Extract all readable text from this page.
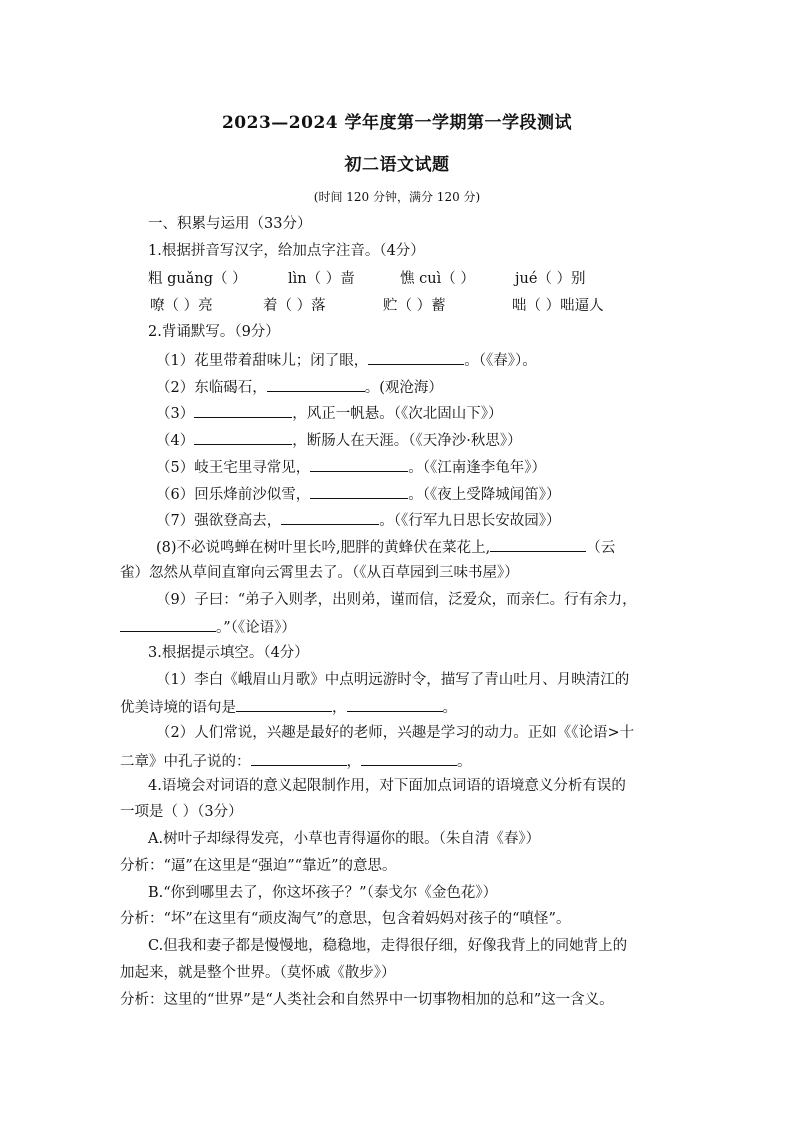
2023—2024 学年度第一学期第一学段测试
初二语文试题
(时间 120 分钟，满分 120 分)
一、积累与运用（33分）
1.根据拼音写汉字，给加点字注音。（4分）
粗 guǎng（ ）	lìn（ ）啬	憔 cuì（ ）	jué（ ）别
嘹（ ）亮	着（ ）落	贮（ ）蓄	咄（ ）咄逼人
2.背诵默写。（9分）
（1）花里带着甜味儿；闭了眼，	。（《春》）。
（2）东临碣石，	。(观沧海）
（3）	，风正一帆悬。（《次北固山下》）
（4）	，断肠人在天涯。（《天净沙·秋思》）
（5）岐王宅里寻常见，	。（《江南逢李龟年》）
（6）回乐烽前沙似雪，	。（《夜上受降城闻笛》）
（7）强欲登高去，	。（《行军九日思长安故园》）
(8)不必说鸣蝉在树叶里长吟,肥胖的黄蜂伏在菜花上,	（云
雀）忽然从草间直窜向云霄里去了。（《从百草园到三味书屋》）
（9）子曰：“弟子入则孝，出则弟，谨而信，泛爱众，而亲仁。行有余力，
。”（《论语》）
3.根据提示填空。（4分）
（1）李白《峨眉山月歌》中点明远游时令，描写了青山吐月、月映清江的
优美诗境的语句是	，	。
（2）人们常说，兴趣是最好的老师，兴趣是学习的动力。正如《《论语>十
二章》中孔子说的：	，	。
4.语境会对词语的意义起限制作用，对下面加点词语的语境意义分析有误的
一项是（ ）（3分）
A.树叶子却绿得发亮，小草也青得逼你的眼。（朱自清《春》）
分析：“逼”在这里是“强迫”“靠近”的意思。
B.“你到哪里去了，你这坏孩子？”（泰戈尔《金色花》）
分析：“坏”在这里有“顽皮淘气”的意思，包含着妈妈对孩子的“嗔怪”。
C.但我和妻子都是慢慢地，稳稳地，走得很仔细，好像我背上的同她背上的
加起来，就是整个世界。（莫怀戚《散步》）
分析：这里的“世界”是“人类社会和自然界中一切事物相加的总和”这一含义。
